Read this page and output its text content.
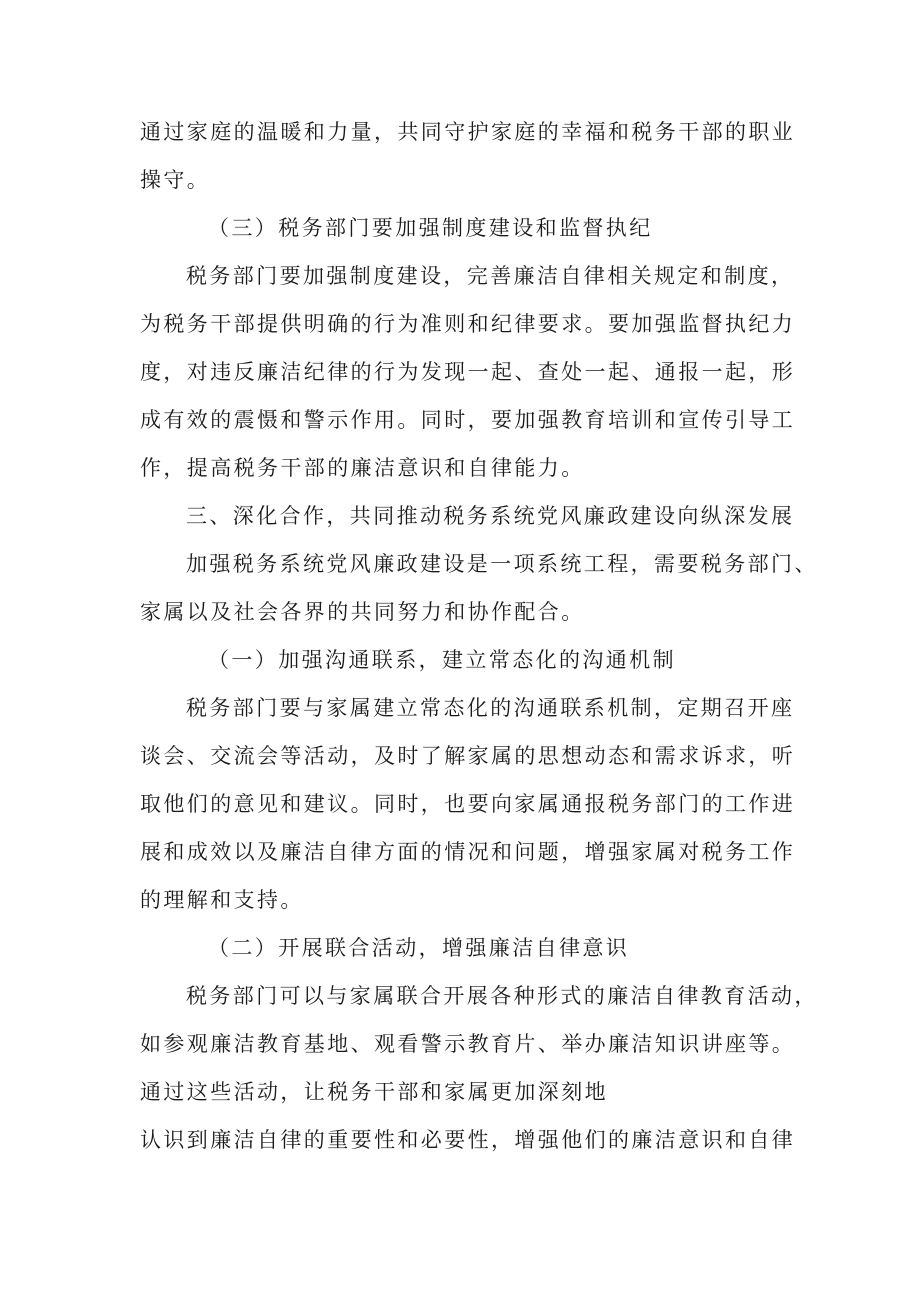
通过家庭的温暖和力量，共同守护家庭的幸福和税务干部的职业
操守。
（三）税务部门要加强制度建设和监督执纪
税务部门要加强制度建设，完善廉洁自律相关规定和制度，
为税务干部提供明确的行为准则和纪律要求。要加强监督执纪力
度，对违反廉洁纪律的行为发现一起、查处一起、通报一起，形
成有效的震慑和警示作用。同时，要加强教育培训和宣传引导工
作，提高税务干部的廉洁意识和自律能力。
三、深化合作，共同推动税务系统党风廉政建设向纵深发展
加强税务系统党风廉政建设是一项系统工程，需要税务部门、
家属以及社会各界的共同努力和协作配合。
（一）加强沟通联系，建立常态化的沟通机制
税务部门要与家属建立常态化的沟通联系机制，定期召开座
谈会、交流会等活动，及时了解家属的思想动态和需求诉求，听
取他们的意见和建议。同时，也要向家属通报税务部门的工作进
展和成效以及廉洁自律方面的情况和问题，增强家属对税务工作
的理解和支持。
（二）开展联合活动，增强廉洁自律意识
税务部门可以与家属联合开展各种形式的廉洁自律教育活动，
如参观廉洁教育基地、观看警示教育片、举办廉洁知识讲座等。
通过这些活动，让税务干部和家属更加深刻地
认识到廉洁自律的重要性和必要性，增强他们的廉洁意识和自律
